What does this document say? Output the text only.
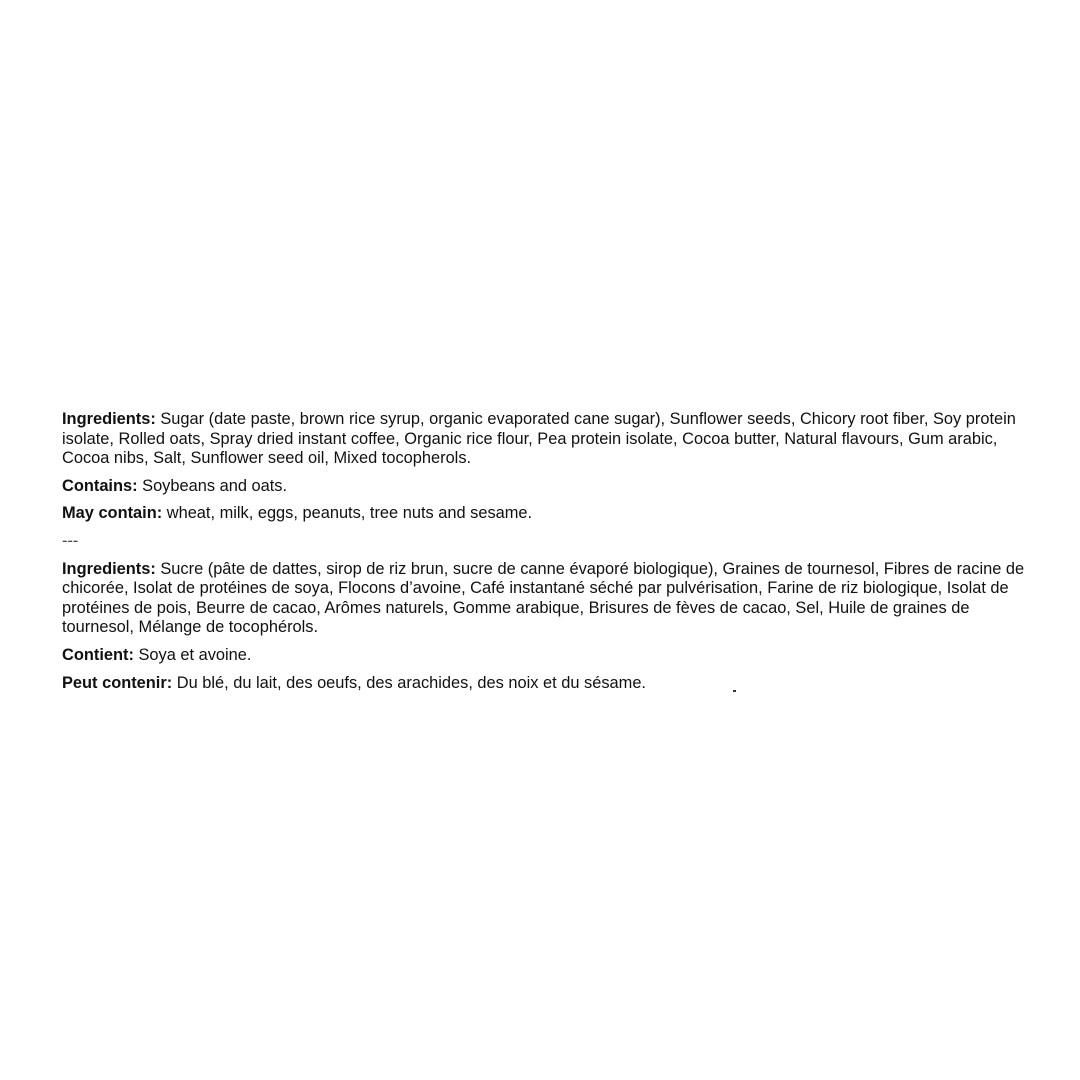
Ingredients: Sugar (date paste, brown rice syrup, organic evaporated cane sugar), Sunflower seeds, Chicory root fiber, Soy protein isolate, Rolled oats, Spray dried instant coffee, Organic rice flour, Pea protein isolate, Cocoa butter, Natural flavours, Gum arabic, Cocoa nibs, Salt, Sunflower seed oil, Mixed tocopherols.

Contains: Soybeans and oats.

May contain: wheat, milk, eggs, peanuts, tree nuts and sesame.

---

Ingredients: Sucre (pâte de dattes, sirop de riz brun, sucre de canne évaporé biologique), Graines de tournesol, Fibres de racine de chicorée, Isolat de protéines de soya, Flocons d’avoine, Café instantané séché par pulvérisation, Farine de riz biologique, Isolat de protéines de pois, Beurre de cacao, Arômes naturels, Gomme arabique, Brisures de fèves de cacao, Sel, Huile de graines de tournesol, Mélange de tocophérols.

Contient: Soya et avoine.

Peut contenir: Du blé, du lait, des oeufs, des arachides, des noix et du sésame.
